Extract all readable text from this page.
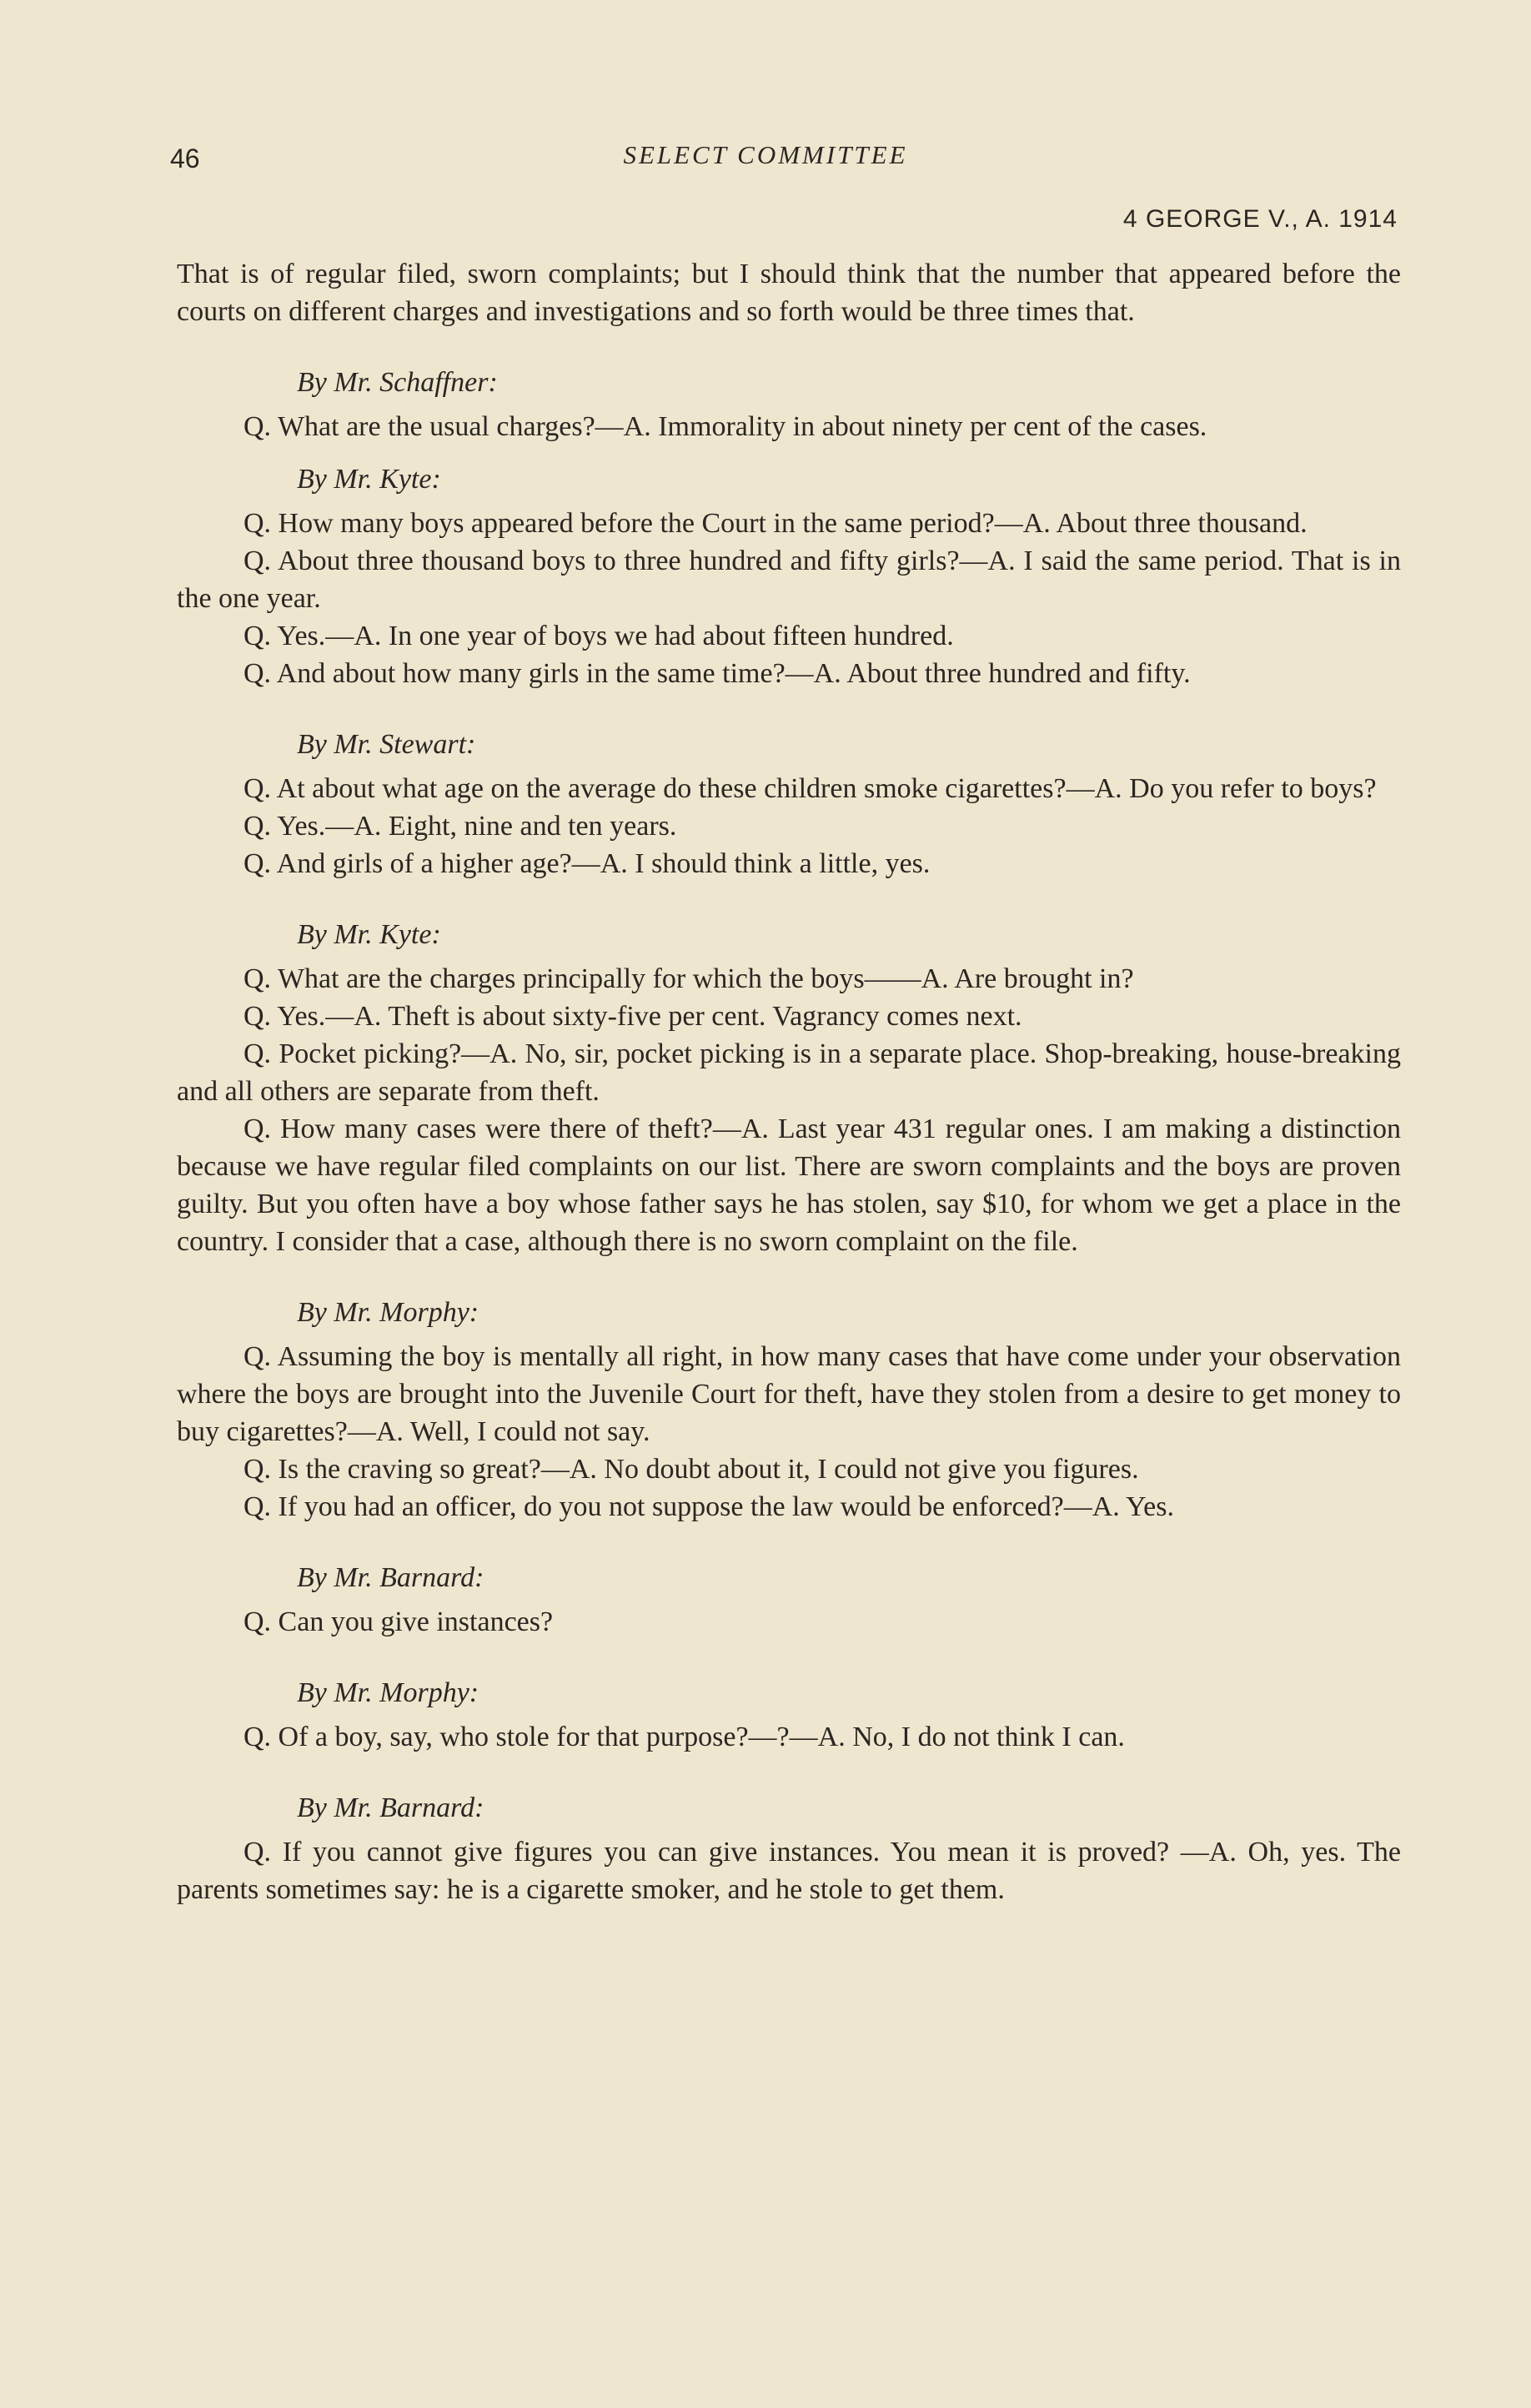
46	SELECT COMMITTEE
4 GEORGE V., A. 1914

That is of regular filed, sworn complaints; but I should think that the number that appeared before the courts on different charges and investigations and so forth would be three times that.

By Mr. Schaffner:

Q. What are the usual charges?—A. Immorality in about ninety per cent of the cases.

By Mr. Kyte:

Q. How many boys appeared before the Court in the same period?—A. About three thousand.

Q. About three thousand boys to three hundred and fifty girls?—A. I said the same period. That is in the one year.

Q. Yes.—A. In one year of boys we had about fifteen hundred.

Q. And about how many girls in the same time?—A. About three hundred and fifty.

By Mr. Stewart:

Q. At about what age on the average do these children smoke cigarettes?—A. Do you refer to boys?

Q. Yes.—A. Eight, nine and ten years.

Q. And girls of a higher age?—A. I should think a little, yes.

By Mr. Kyte:

Q. What are the charges principally for which the boys——A. Are brought in?

Q. Yes.—A. Theft is about sixty-five per cent. Vagrancy comes next.

Q. Pocket picking?—A. No, sir, pocket picking is in a separate place. Shop-breaking, house-breaking and all others are separate from theft.

Q. How many cases were there of theft?—A. Last year 431 regular ones. I am making a distinction because we have regular filed complaints on our list. There are sworn complaints and the boys are proven guilty. But you often have a boy whose father says he has stolen, say $10, for whom we get a place in the country. I consider that a case, although there is no sworn complaint on the file.

By Mr. Morphy:

Q. Assuming the boy is mentally all right, in how many cases that have come under your observation where the boys are brought into the Juvenile Court for theft, have they stolen from a desire to get money to buy cigarettes?—A. Well, I could not say.

Q. Is the craving so great?—A. No doubt about it, I could not give you figures.

Q. If you had an officer, do you not suppose the law would be enforced?—A. Yes.

By Mr. Barnard:

Q. Can you give instances?

By Mr. Morphy:

Q. Of a boy, say, who stole for that purpose?—?—A. No, I do not think I can.

By Mr. Barnard:

Q. If you cannot give figures you can give instances. You mean it is proved? —A. Oh, yes. The parents sometimes say: he is a cigarette smoker, and he stole to get them.
